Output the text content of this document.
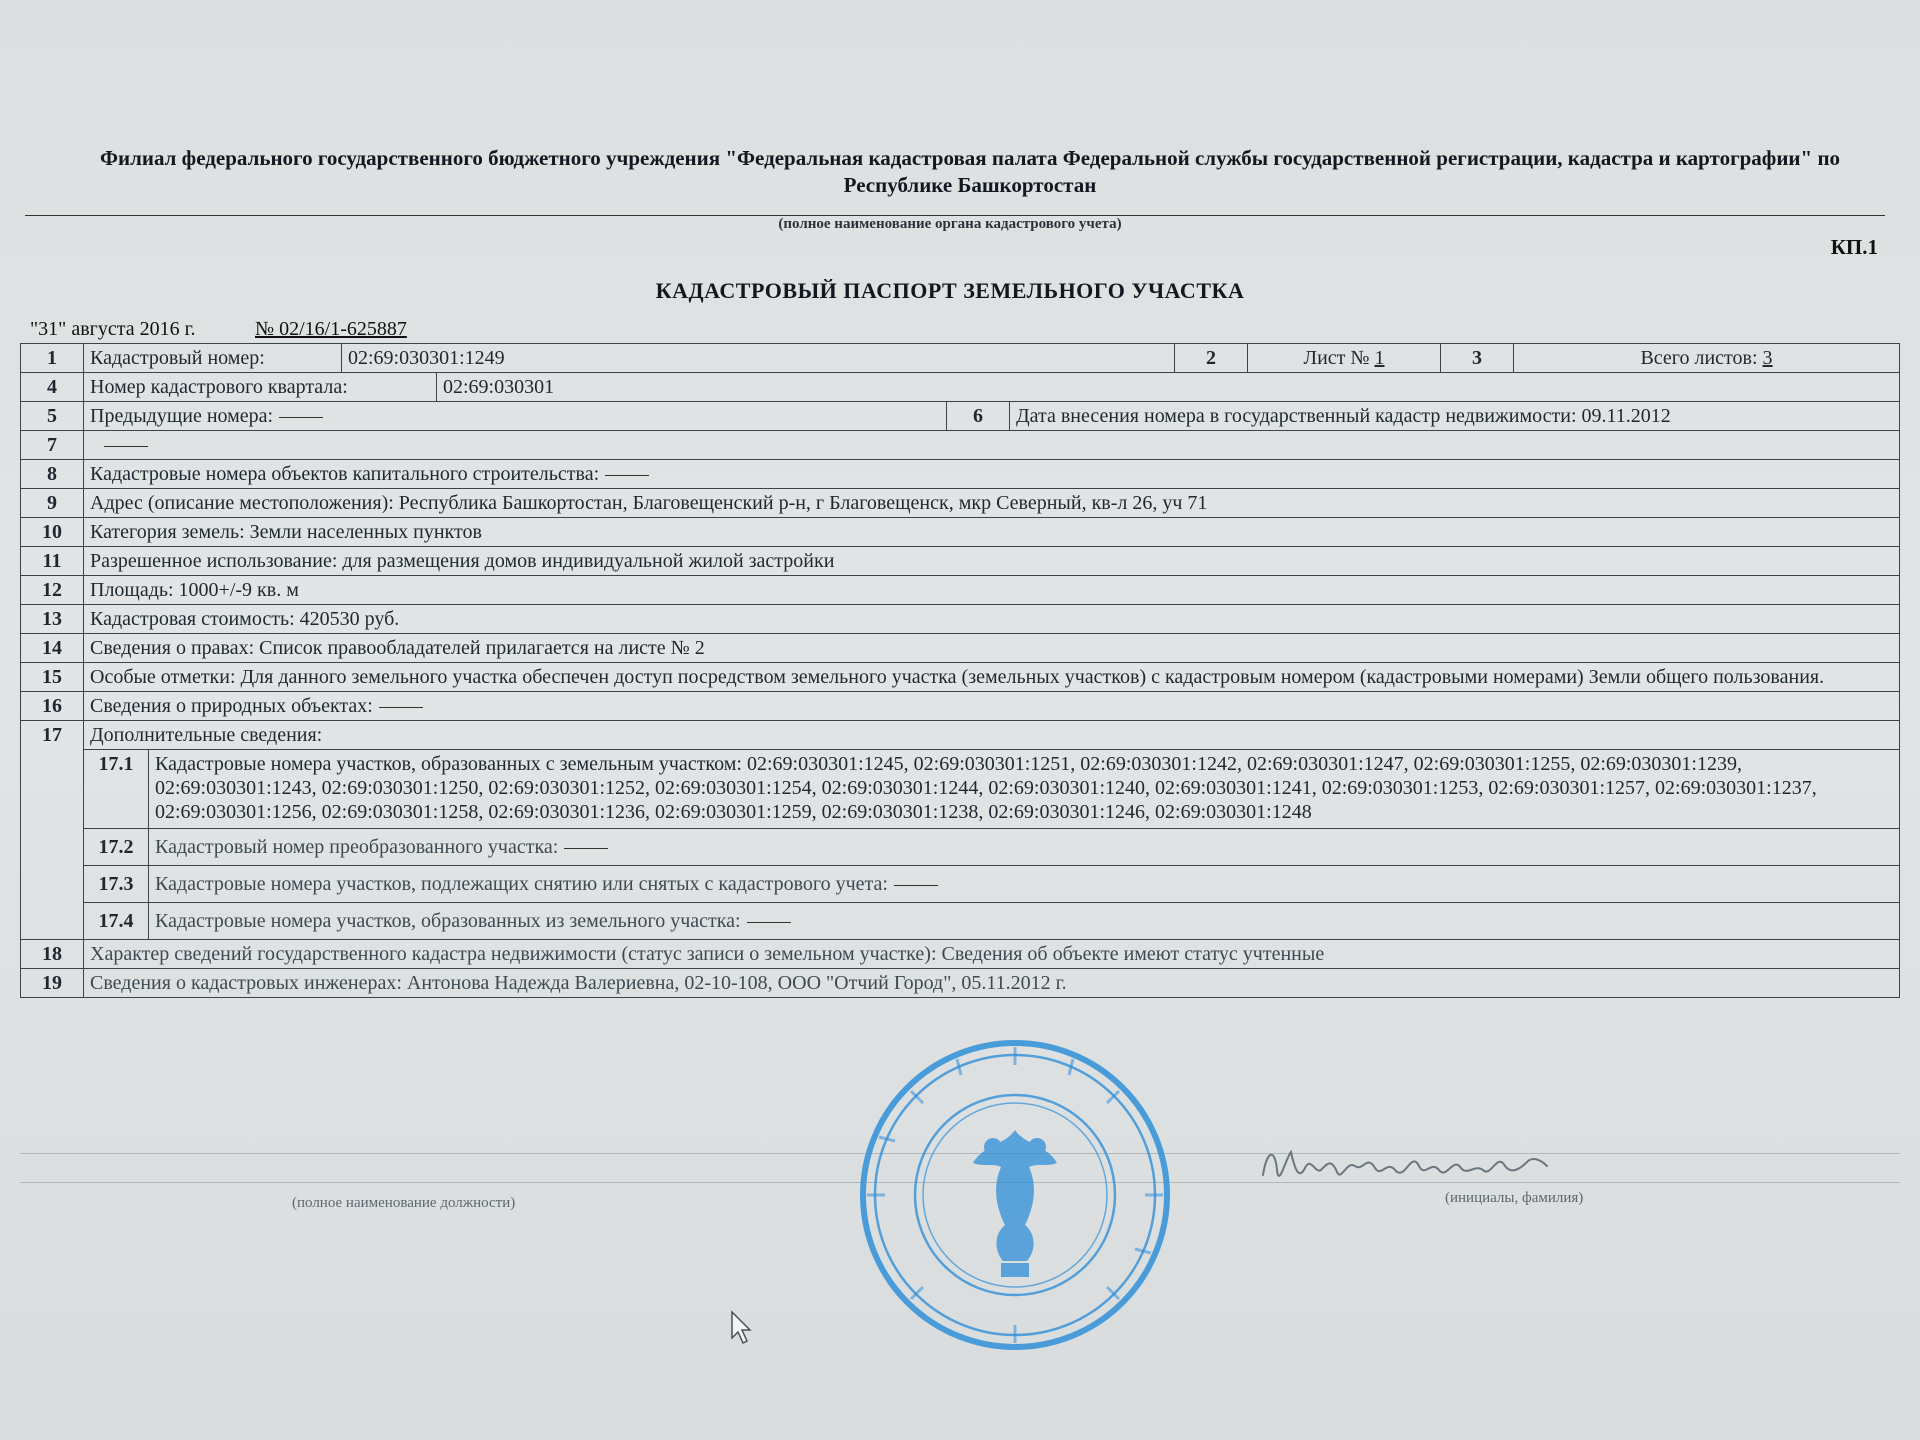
Филиал федерального государственного бюджетного учреждения "Федеральная кадастровая палата Федеральной службы государственной регистрации, кадастра и картографии" по Республике Башкортостан
(полное наименование органа кадастрового учета)
КП.1
КАДАСТРОВЫЙ ПАСПОРТ ЗЕМЕЛЬНОГО УЧАСТКА
"31" августа 2016 г.	№ 02/16/1-625887
1	Кадастровый номер:	02:69:030301:1249	2	Лист № 1	3	Всего листов: 3
4	Номер кадастрового квартала:	02:69:030301

5	Предыдущие номера:	6	Дата внесения номера в государственный кадастр недвижимости: 09.11.2012

7	
8	Кадастровые номера объектов капитального строительства:
9	Адрес (описание местоположения): Республика Башкортостан, Благовещенский р-н, г Благовещенск, мкр Северный, кв-л 26, уч 71
10	Категория земель: Земли населенных пунктов
11	Разрешенное использование: для размещения домов индивидуальной жилой застройки
12	Площадь: 1000+/-9 кв. м
13	Кадастровая стоимость: 420530 руб.
14	Сведения о правах: Список правообладателей прилагается на листе № 2
15	Особые отметки: Для данного земельного участка обеспечен доступ посредством земельного участка (земельных участков) с кадастровым номером (кадастровыми номерами) Земли общего пользования.
16	Сведения о природных объектах:
17	Дополнительные сведения:

17.1	Кадастровые номера участков, образованных с земельным участком: 02:69:030301:1245, 02:69:030301:1251, 02:69:030301:1242, 02:69:030301:1247, 02:69:030301:1255, 02:69:030301:1239, 02:69:030301:1243, 02:69:030301:1250, 02:69:030301:1252, 02:69:030301:1254, 02:69:030301:1244, 02:69:030301:1240, 02:69:030301:1241, 02:69:030301:1253, 02:69:030301:1257, 02:69:030301:1237, 02:69:030301:1256, 02:69:030301:1258, 02:69:030301:1236, 02:69:030301:1259, 02:69:030301:1238, 02:69:030301:1246, 02:69:030301:1248

17.2	Кадастровый номер преобразованного участка:

17.3	Кадастровые номера участков, подлежащих снятию или снятых с кадастрового учета:

17.4	Кадастровые номера участков, образованных из земельного участка:

18	Характер сведений государственного кадастра недвижимости (статус записи о земельном участке): Сведения об объекте имеют статус учтенные
19	Сведения о кадастровых инженерах: Антонова Надежда Валериевна, 02-10-108, ООО "Отчий Город", 05.11.2012 г.
(полное наименование должности)	(инициалы, фамилия)
